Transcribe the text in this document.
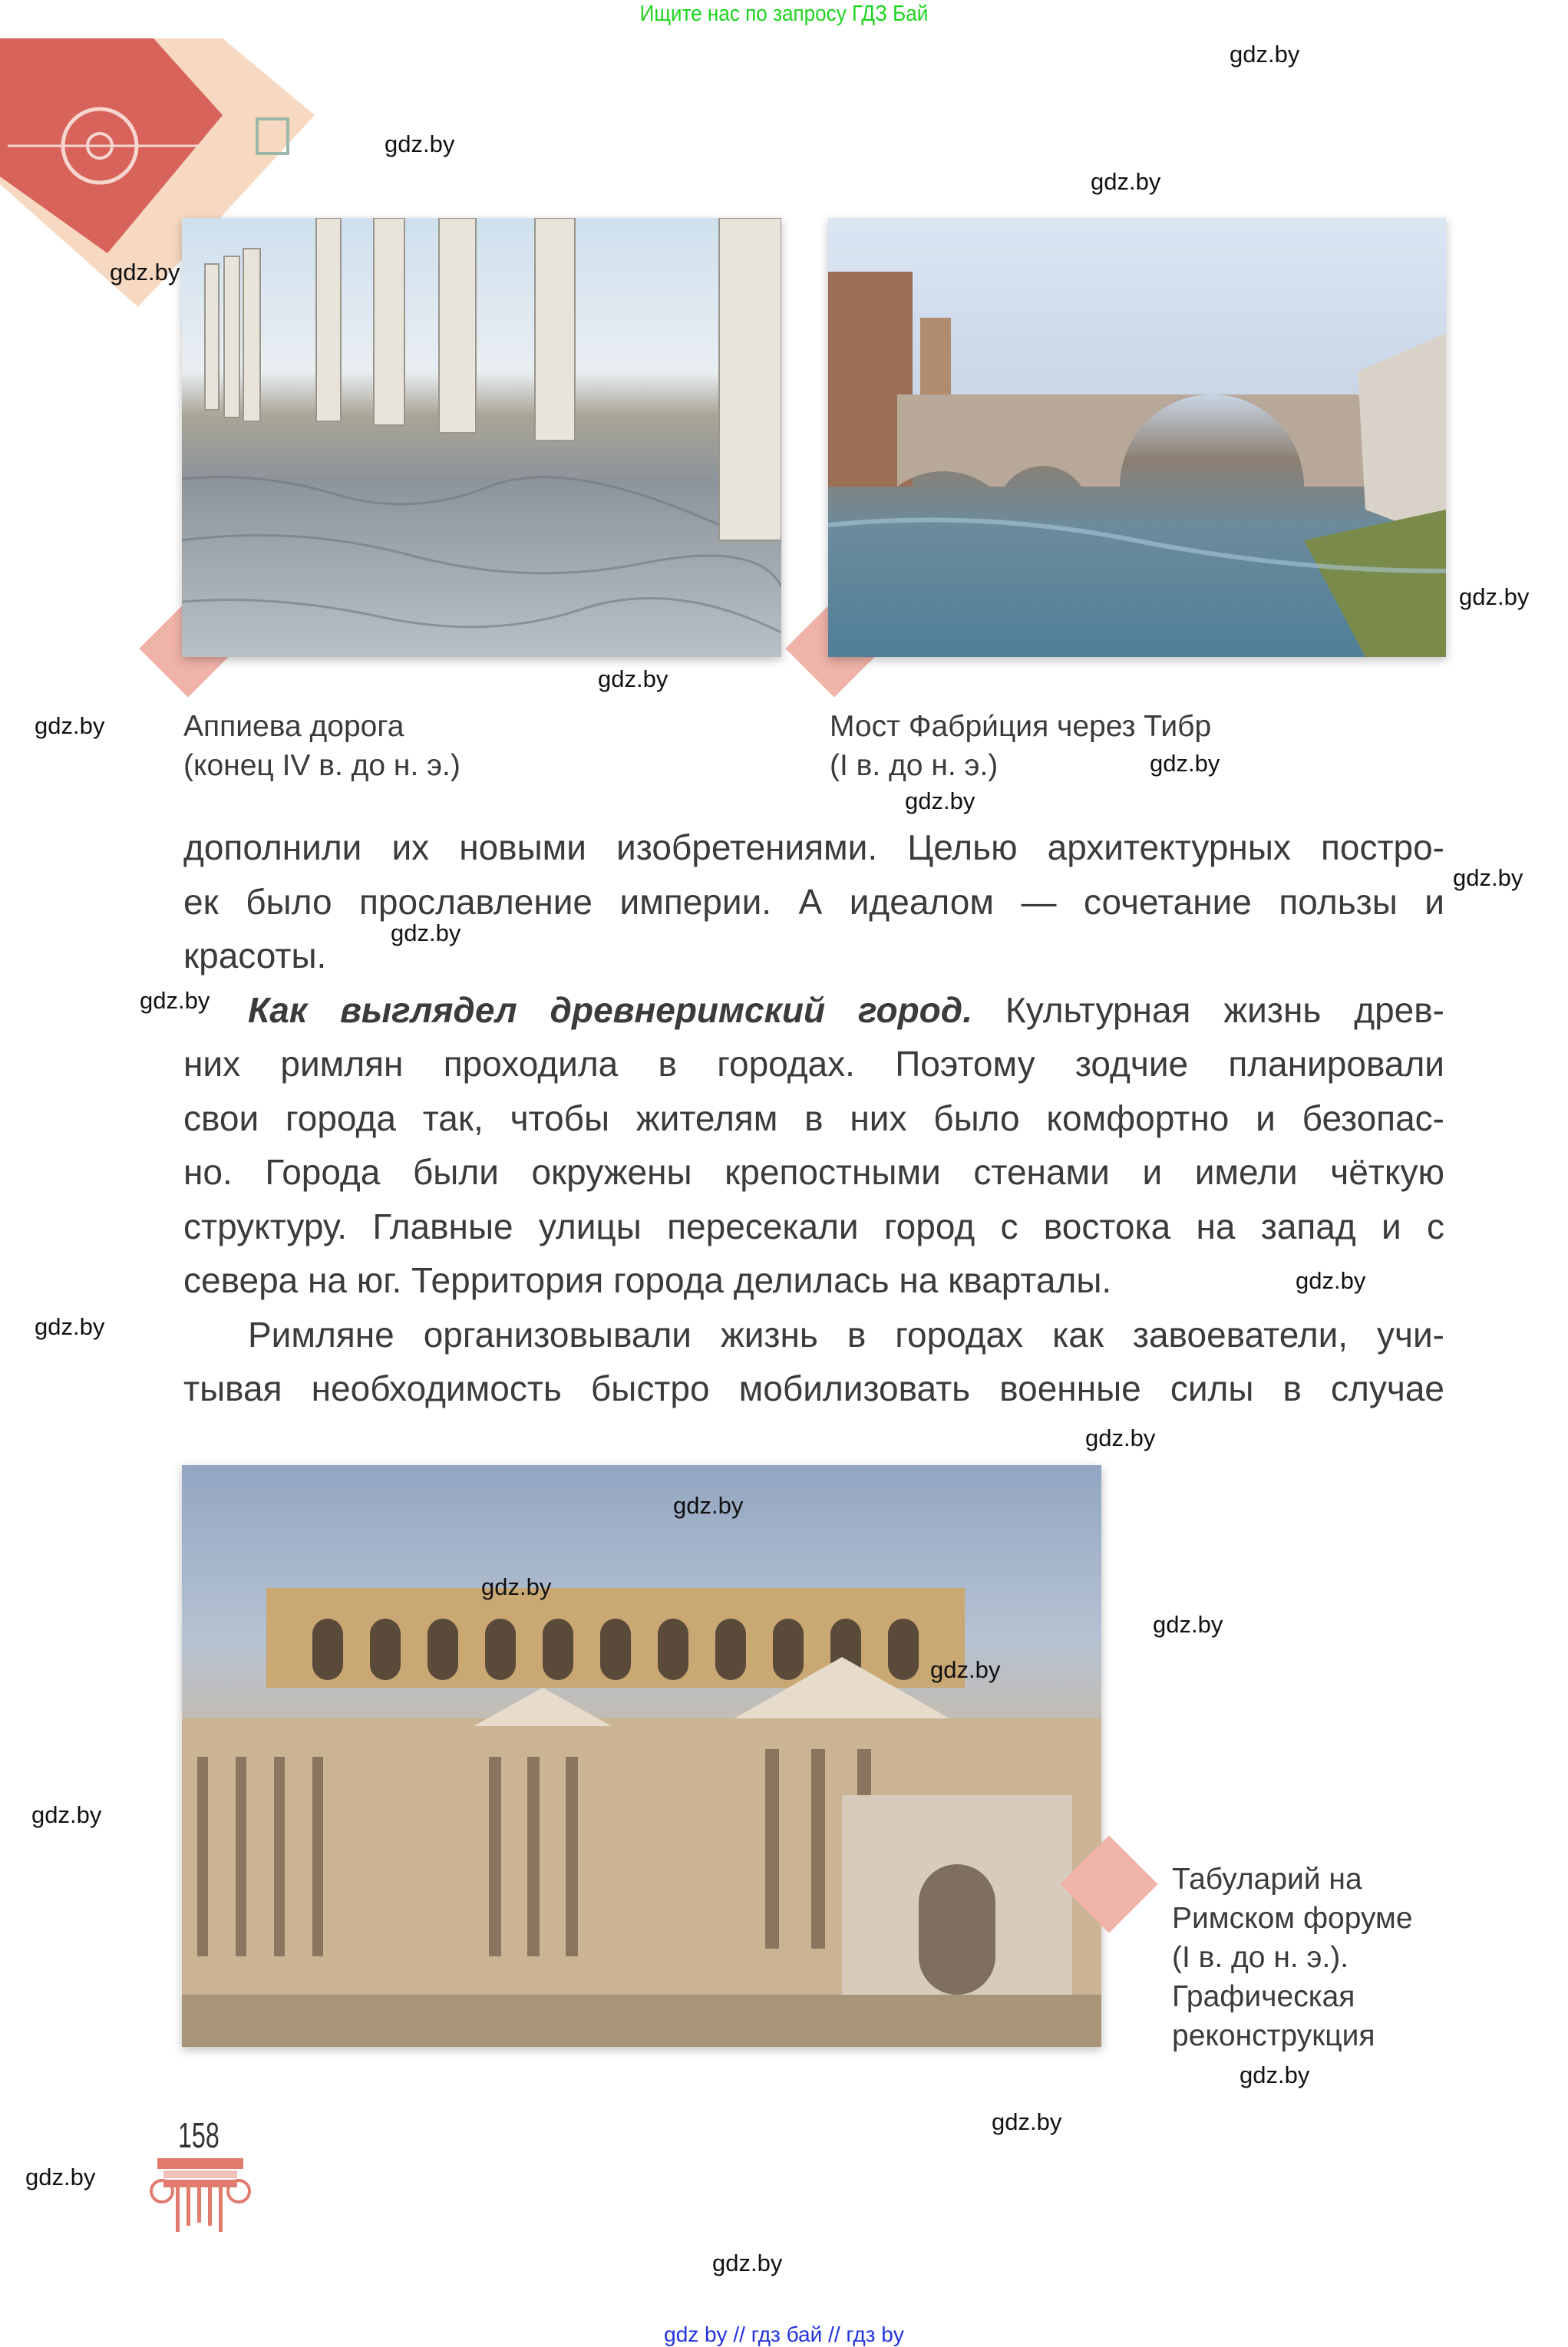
Ищите нас по запросу ГДЗ Бай
Аппиева дорога
(конец IV в. до н. э.)
Мост Фабри́ция через Тибр
(I в. до н. э.)
дополнили их новыми изобретениями. Целью архитектурных постро-
ек было прославление империи. А идеалом — сочетание пользы и
красоты.
Как выглядел древнеримский город. Культурная жизнь древ-
них римлян проходила в городах. Поэтому зодчие планировали
свои города так, чтобы жителям в них было комфортно и безопас-
но. Города были окружены крепостными стенами и имели чёткую
структуру. Главные улицы пересекали город с востока на запад и с
севера на юг. Территория города делилась на кварталы.
Римляне организовывали жизнь в городах как завоеватели, учи-
тывая необходимость быстро мобилизовать военные силы в случае
Табуларий на
Римском форуме
(I в. до н. э.).
Графическая
реконструкция
158
gdz.by
gdz.by
gdz.by
gdz.by
gdz.by
gdz.by
gdz.by
gdz.by
gdz.by
gdz.by
gdz.by
gdz.by
gdz.by
gdz.by
gdz.by
gdz.by
gdz.by
gdz.by
gdz.by
gdz.by
gdz.by
gdz.by
gdz.by
gdz.by
gdz by // гдз бай // гдз by
